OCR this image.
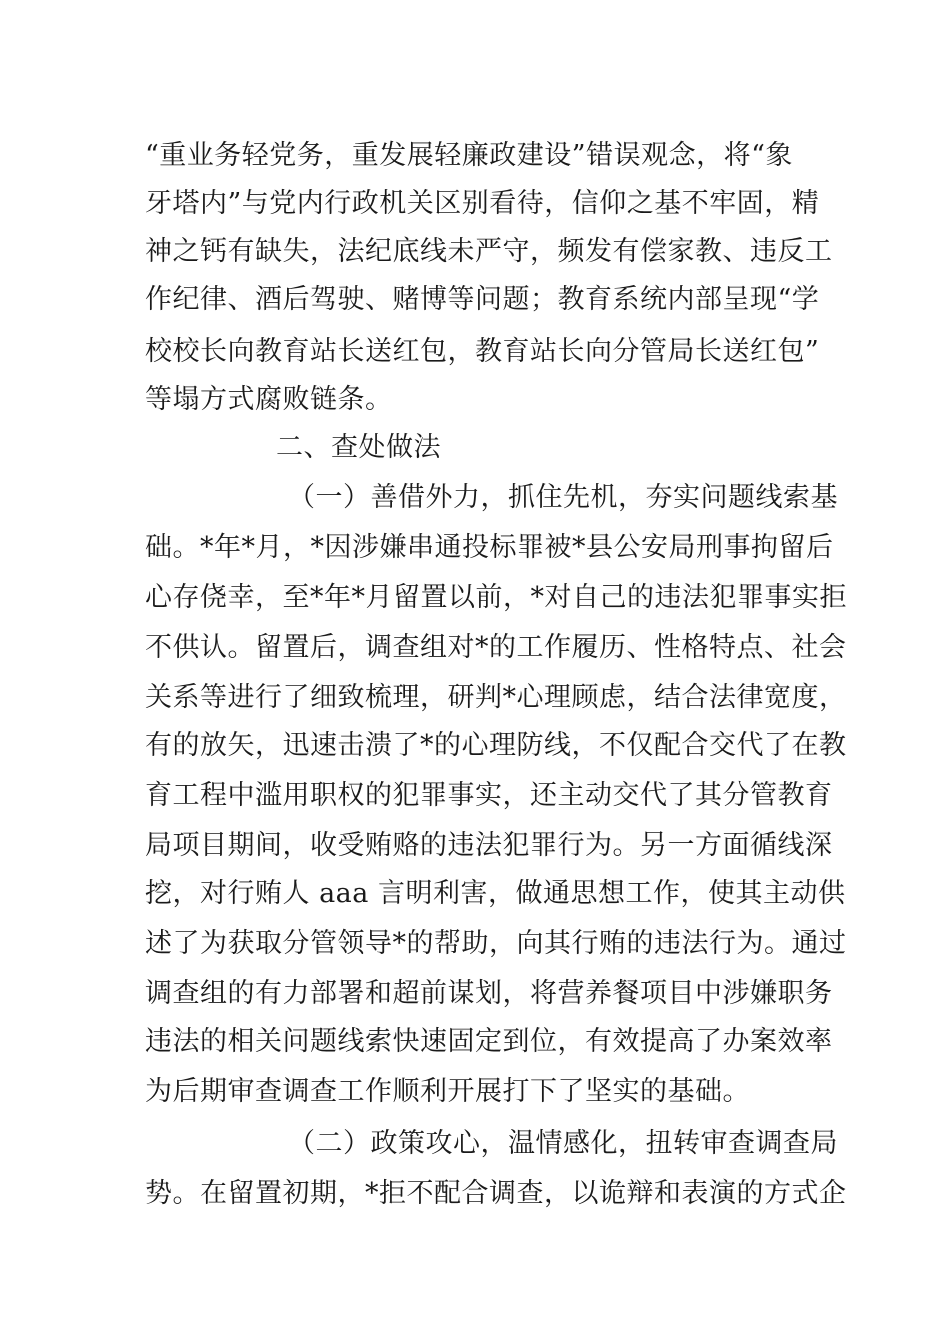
“重业务轻党务，重发展轻廉政建设”错误观念，将“象
牙塔内”与党内行政机关区别看待，信仰之基不牢固，精
神之钙有缺失，法纪底线未严守，频发有偿家教、违反工
作纪律、酒后驾驶、赌博等问题；教育系统内部呈现“学
校校长向教育站长送红包，教育站长向分管局长送红包”
等塌方式腐败链条。
二、查处做法
（一）善借外力，抓住先机，夯实问题线索基
础。*年*月，*因涉嫌串通投标罪被*县公安局刑事拘留后
心存侥幸，至*年*月留置以前，*对自己的违法犯罪事实拒
不供认。留置后，调查组对*的工作履历、性格特点、社会
关系等进行了细致梳理，研判*心理顾虑，结合法律宽度，
有的放矢，迅速击溃了*的心理防线，不仅配合交代了在教
育工程中滥用职权的犯罪事实，还主动交代了其分管教育
局项目期间，收受贿赂的违法犯罪行为。另一方面循线深
挖，对行贿人 aaa 言明利害，做通思想工作，使其主动供
述了为获取分管领导*的帮助，向其行贿的违法行为。通过
调查组的有力部署和超前谋划，将营养餐项目中涉嫌职务
违法的相关问题线索快速固定到位，有效提高了办案效率
为后期审查调查工作顺利开展打下了坚实的基础。
（二）政策攻心，温情感化，扭转审查调查局
势。在留置初期，*拒不配合调查，以诡辩和表演的方式企
